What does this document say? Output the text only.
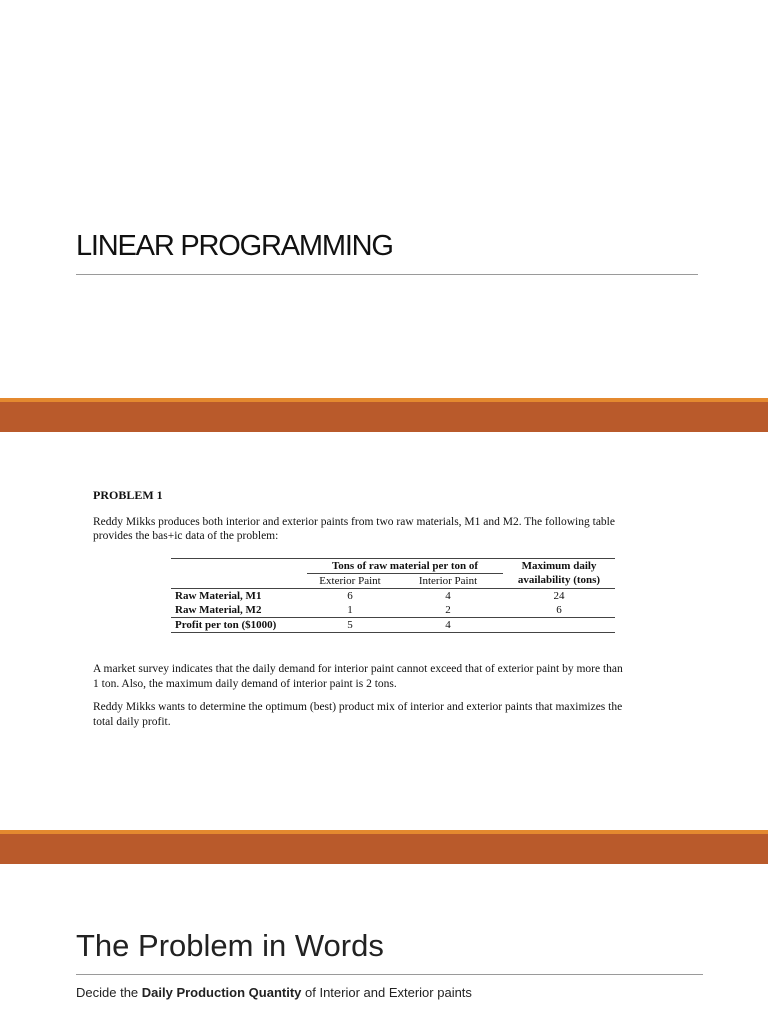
LINEAR PROGRAMMING

PROBLEM 1

Reddy Mikks produces both interior and exterior paints from two raw materials, M1 and M2. The following table

provides the bas+ic data of the problem:

	Tons of raw material per ton of		Maximum daily
	Exterior Paint	Interior Paint	availability (tons)
Raw Material, M1	6	4	24
Raw Material, M2	1	2	6
Profit per ton ($1000)	5	4	

A market survey indicates that the daily demand for interior paint cannot exceed that of exterior paint by more than
1 ton. Also, the maximum daily demand of interior paint is 2 tons.

Reddy Mikks wants to determine the optimum (best) product mix of interior and exterior paints that maximizes the
total daily profit.

The Problem in Words
Decide the Daily Production Quantity of Interior and Exterior paints
